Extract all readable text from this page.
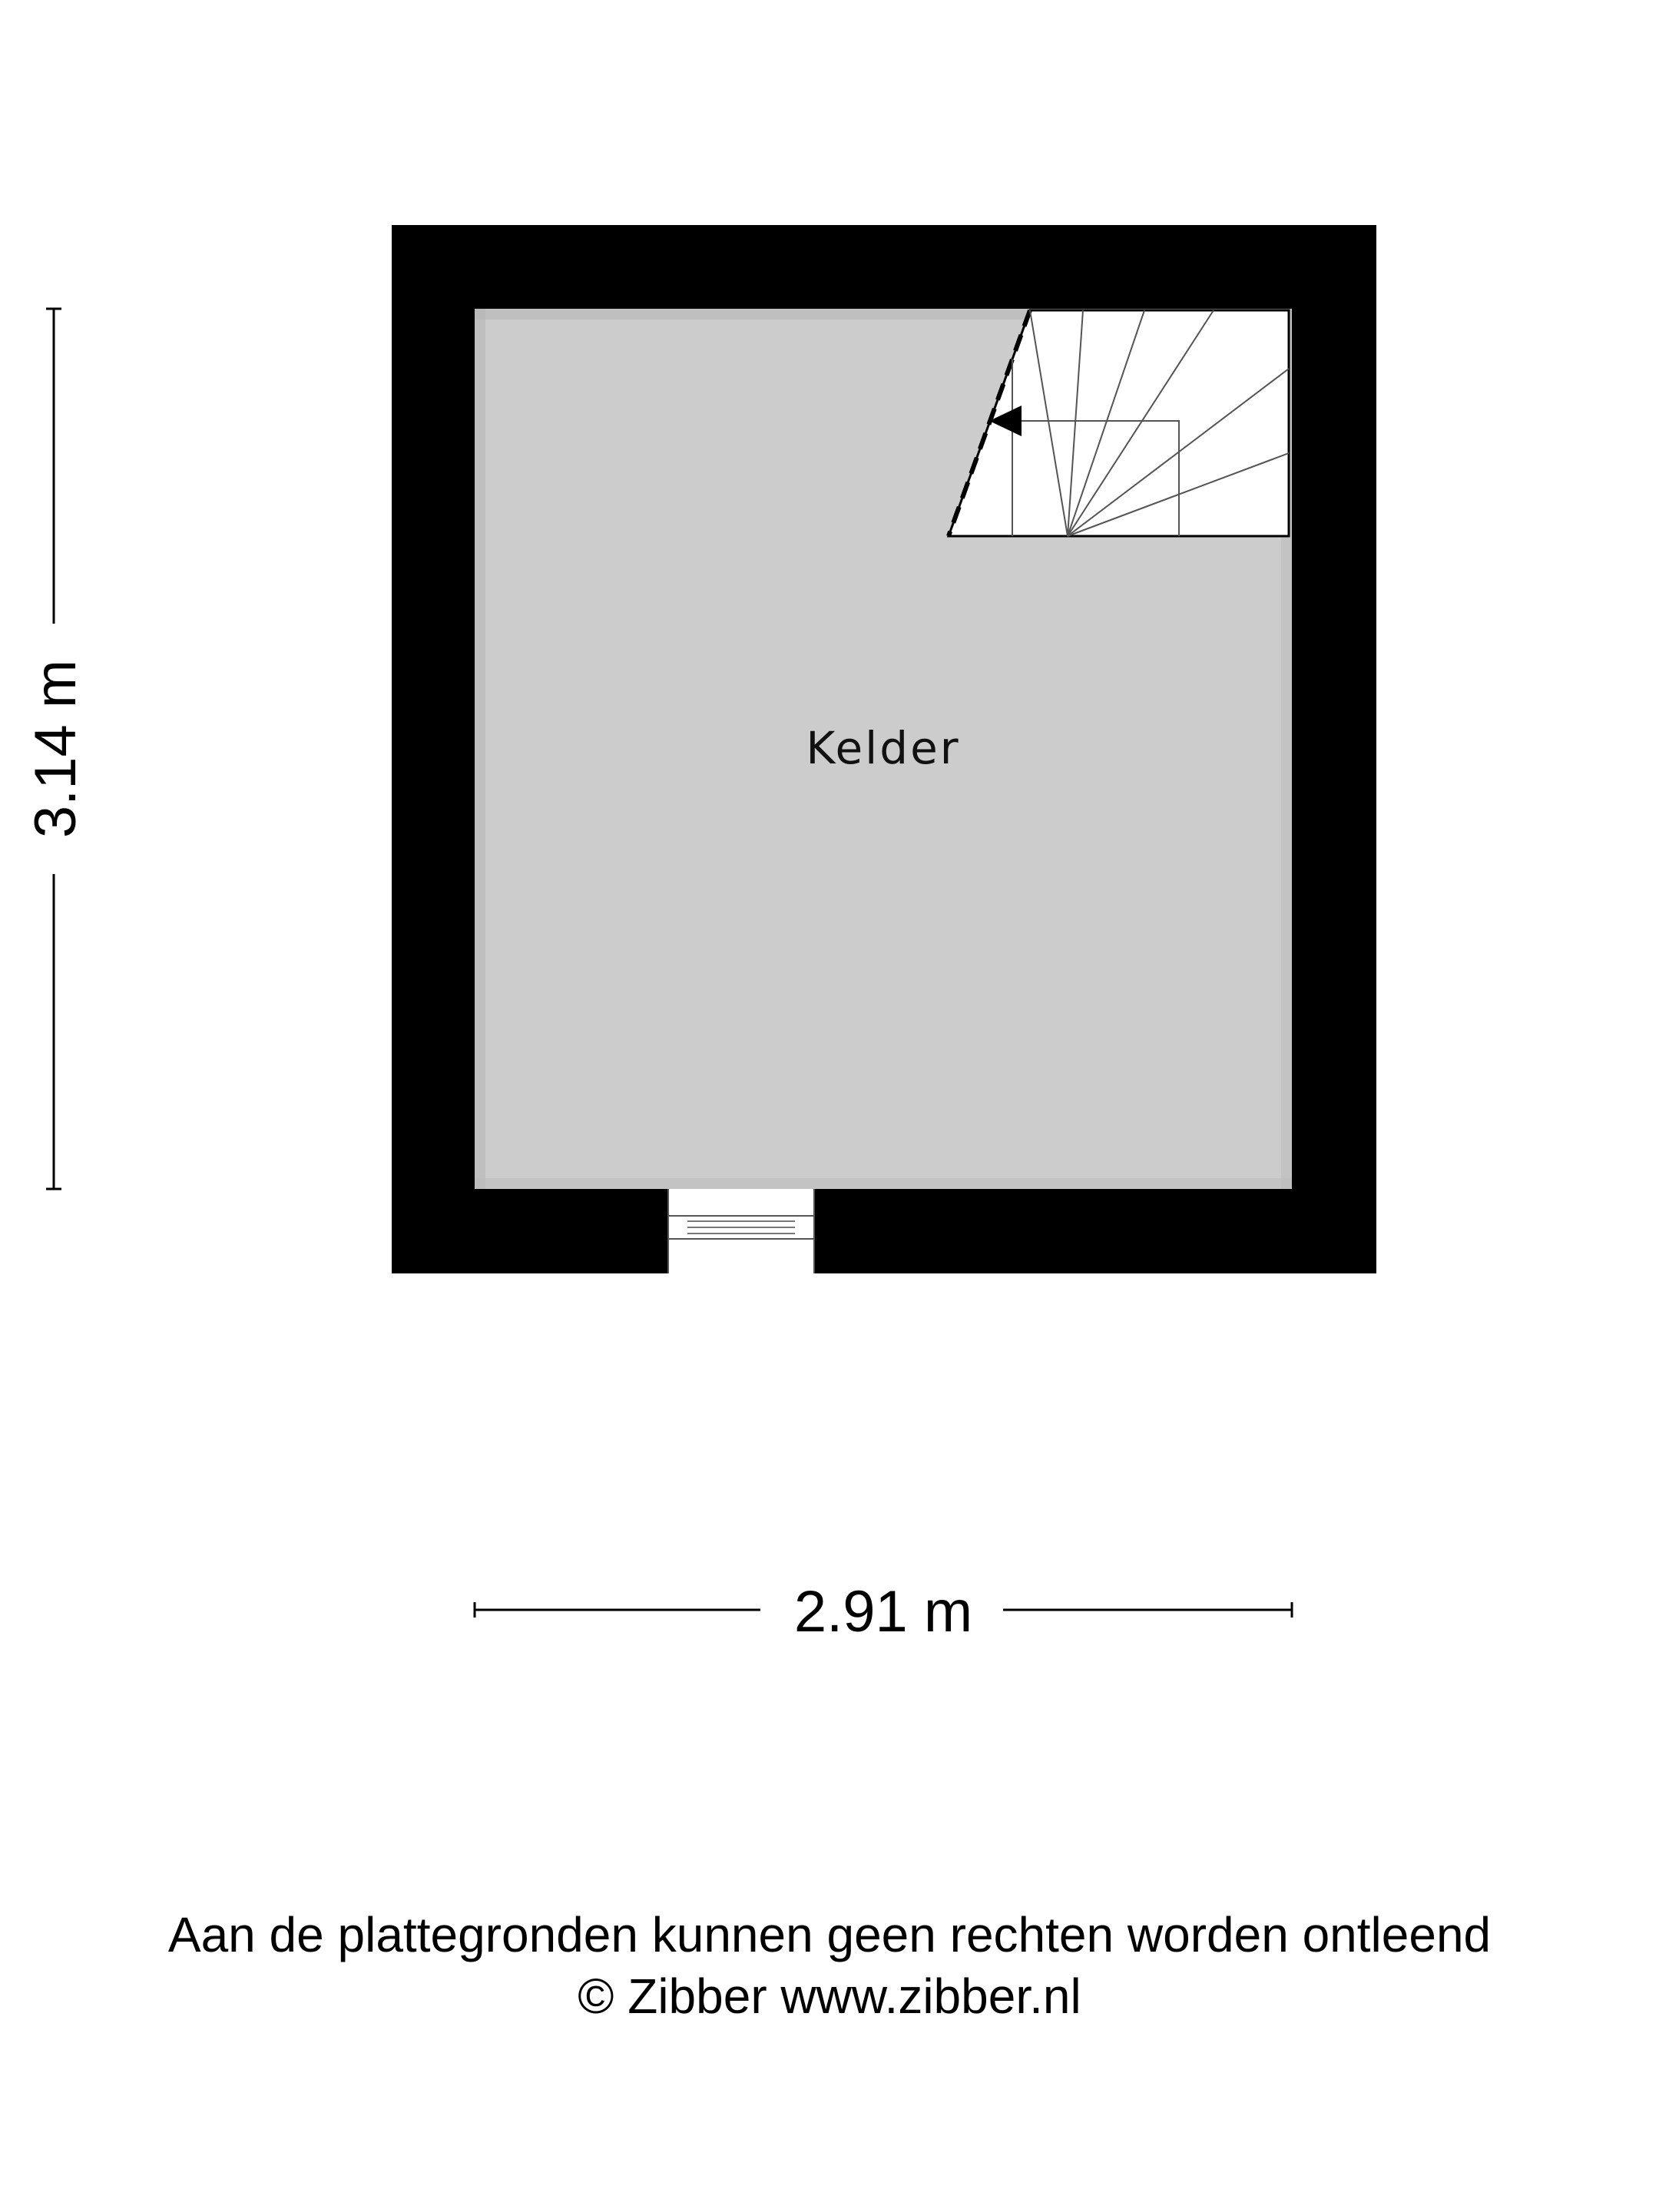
Kelder
3.14 m
2.91 m
Aan de plattegronden kunnen geen rechten worden ontleend
© Zibber www.zibber.nl
